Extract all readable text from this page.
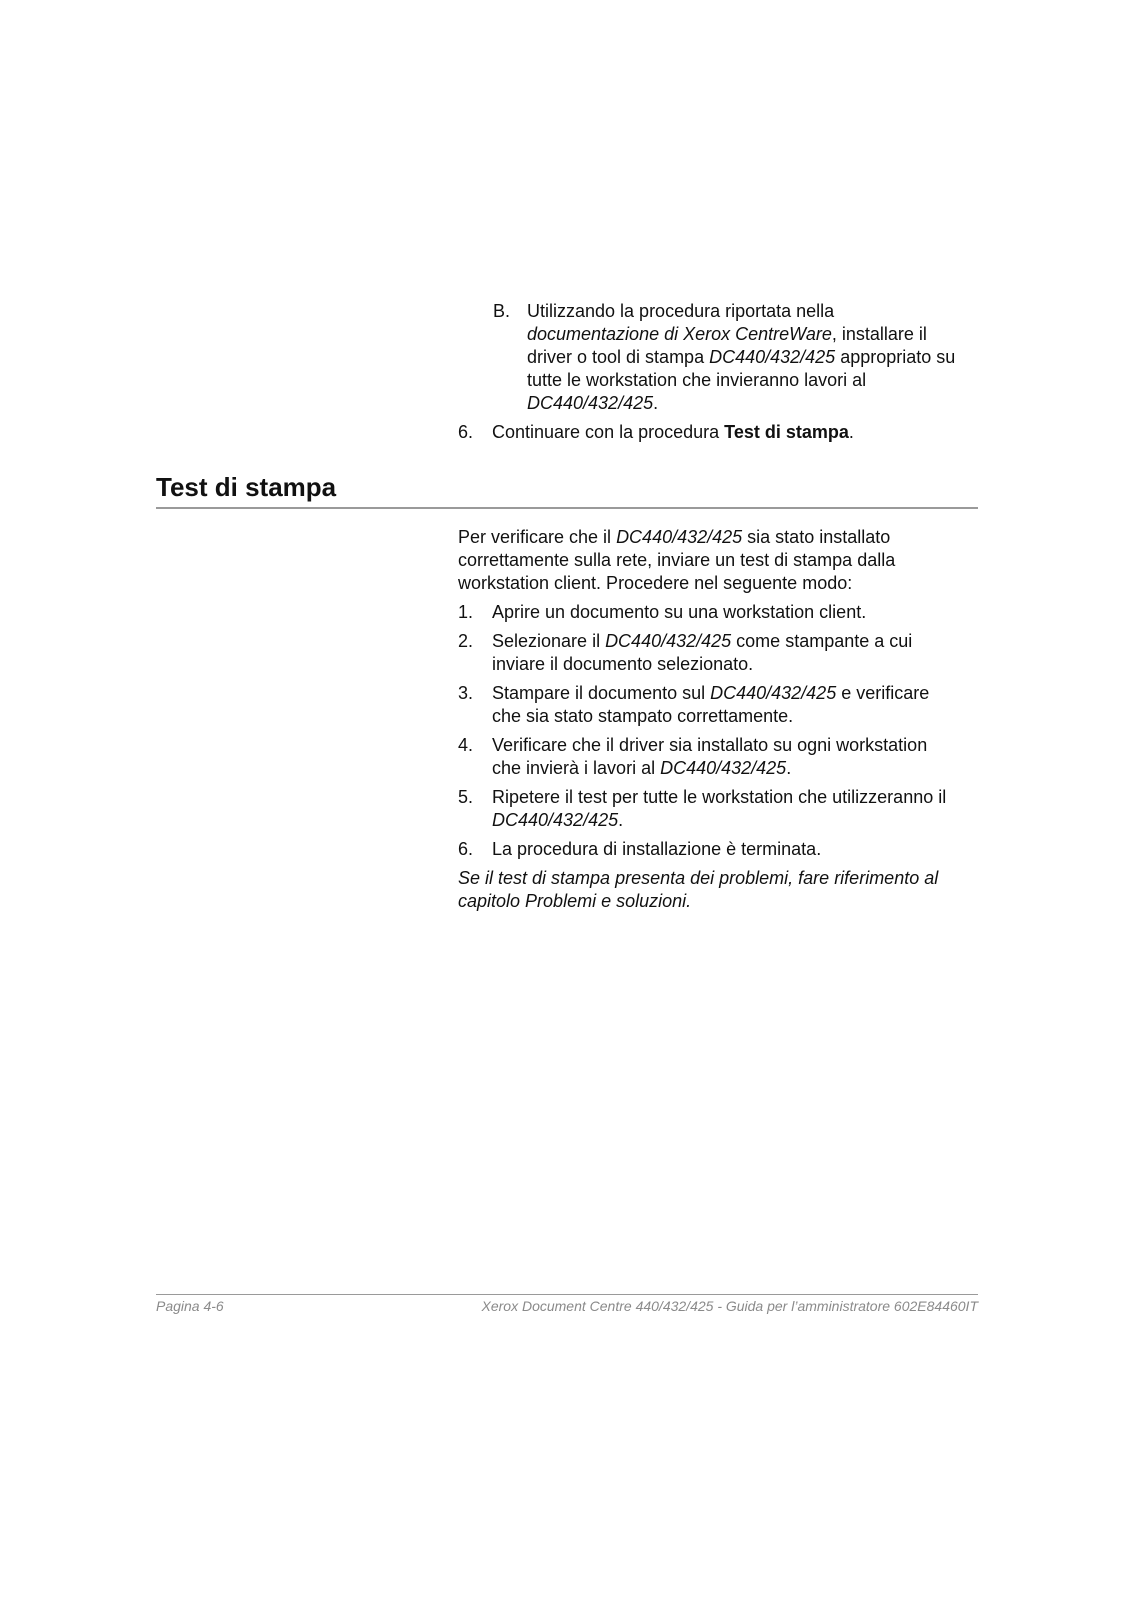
B. Utilizzando la procedura riportata nella
documentazione di Xerox CentreWare, installare il
driver o tool di stampa DC440/432/425 appropriato su
tutte le workstation che invieranno lavori al
DC440/432/425.
6. Continuare con la procedura Test di stampa.
Test di stampa
Per verificare che il DC440/432/425 sia stato installato
correttamente sulla rete, inviare un test di stampa dalla
workstation client. Procedere nel seguente modo:
1. Aprire un documento su una workstation client.
2. Selezionare il DC440/432/425 come stampante a cui
inviare il documento selezionato.
3. Stampare il documento sul DC440/432/425 e verificare
che sia stato stampato correttamente.
4. Verificare che il driver sia installato su ogni workstation
che invierà i lavori al DC440/432/425.
5. Ripetere il test per tutte le workstation che utilizzeranno il
DC440/432/425.
6. La procedura di installazione è terminata.
Se il test di stampa presenta dei problemi, fare riferimento al
capitolo Problemi e soluzioni.
Pagina 4-6	Xerox Document Centre 440/432/425 - Guida per l’amministratore 602E84460IT
